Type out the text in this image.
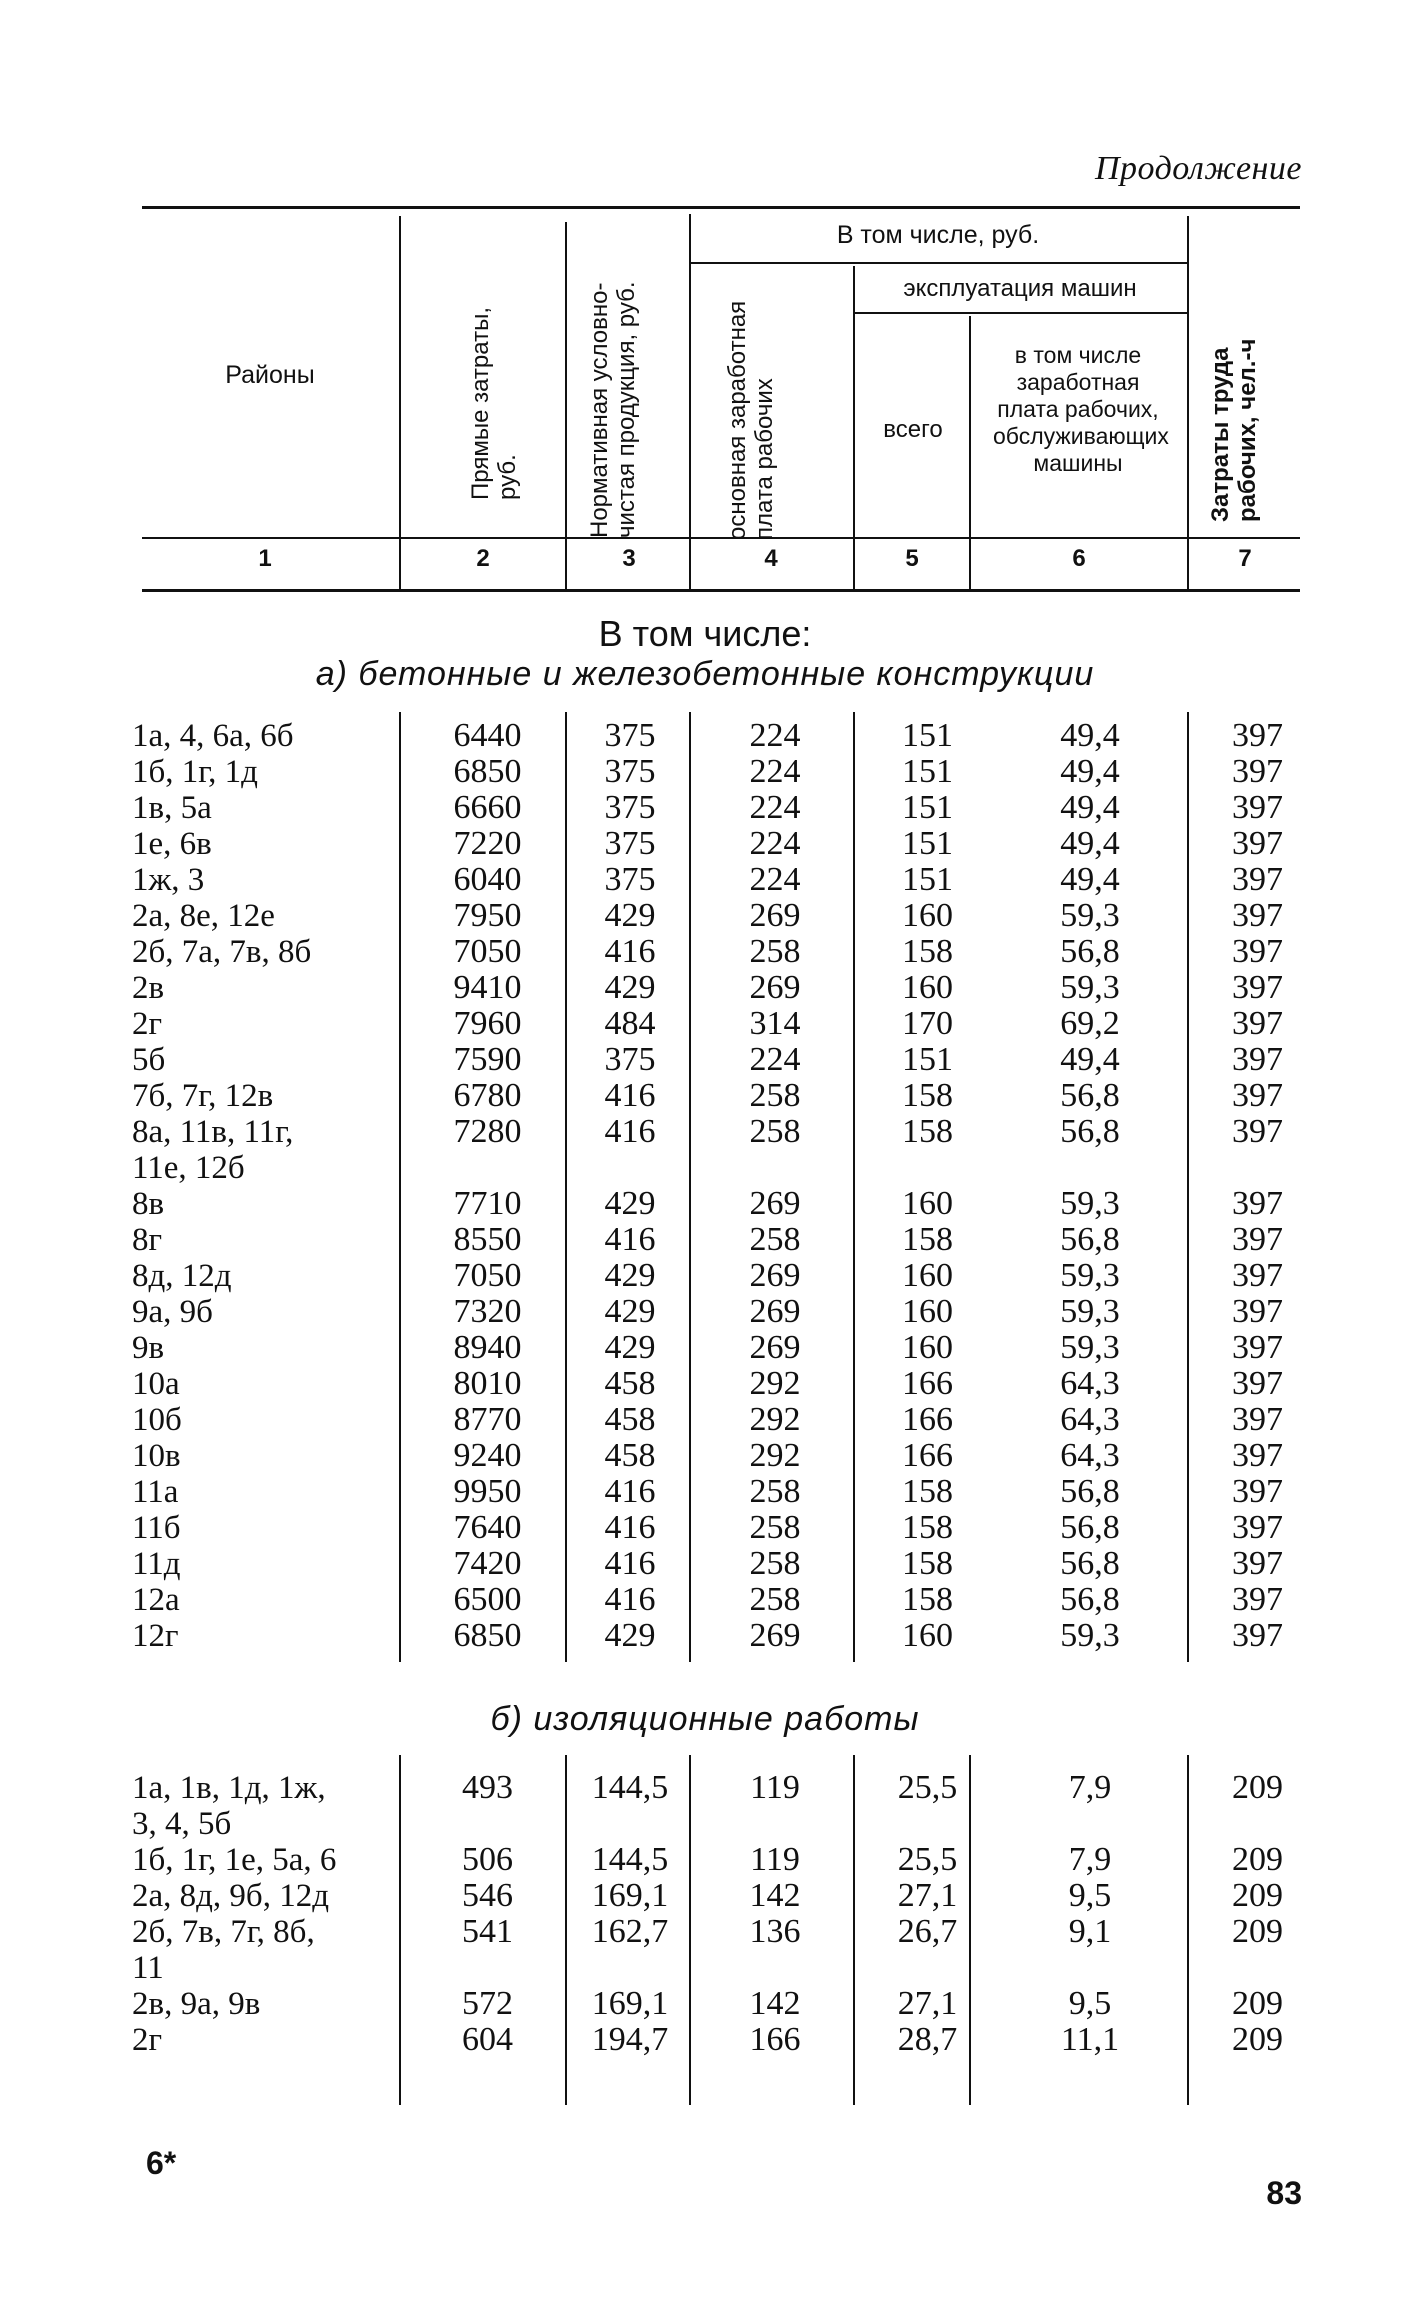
Продолжение
Районы	Прямые затраты, руб.	Нормативная условно-чистая продукция, руб.
В том числе, руб.
основная заработная плата рабочих
эксплуатация машин
всего
в том числе заработная плата рабочих, обслуживающих машины	Затраты труда рабочих, чел.-ч
1	2	3	4	5	6	7
В том числе:
а) бетонные и железобетонные конструкции
1а, 4, 6а, 6б	6440	375	224	151	49,4	397
1б, 1г, 1д	6850	375	224	151	49,4	397
1в, 5а	6660	375	224	151	49,4	397
1е, 6в	7220	375	224	151	49,4	397
1ж, 3	6040	375	224	151	49,4	397
2а, 8е, 12е	7950	429	269	160	59,3	397
2б, 7а, 7в, 8б	7050	416	258	158	56,8	397
2в	9410	429	269	160	59,3	397
2г	7960	484	314	170	69,2	397
5б	7590	375	224	151	49,4	397
7б, 7г, 12в	6780	416	258	158	56,8	397
8а, 11в, 11г,
11е, 12б
7280	416	258	158	56,8	397
8в	7710	429	269	160	59,3	397
8г	8550	416	258	158	56,8	397
8д, 12д	7050	429	269	160	59,3	397
9а, 9б	7320	429	269	160	59,3	397
9в	8940	429	269	160	59,3	397
10а	8010	458	292	166	64,3	397
10б	8770	458	292	166	64,3	397
10в	9240	458	292	166	64,3	397
11а	9950	416	258	158	56,8	397
11б	7640	416	258	158	56,8	397
11д	7420	416	258	158	56,8	397
12а	6500	416	258	158	56,8	397
12г	6850	429	269	160	59,3	397
б) изоляционные работы
1а, 1в, 1д, 1ж,
3, 4, 5б
493	144,5	119	25,5	7,9	209
1б, 1г, 1е, 5а, 6	506	144,5	119	25,5	7,9	209
2а, 8д, 9б, 12д	546	169,1	142	27,1	9,5	209
2б, 7в, 7г, 8б,
11
541	162,7	136	26,7	9,1	209
2в, 9а, 9в	572	169,1	142	27,1	9,5	209
2г	604	194,7	166	28,7	11,1	209
6*
83
